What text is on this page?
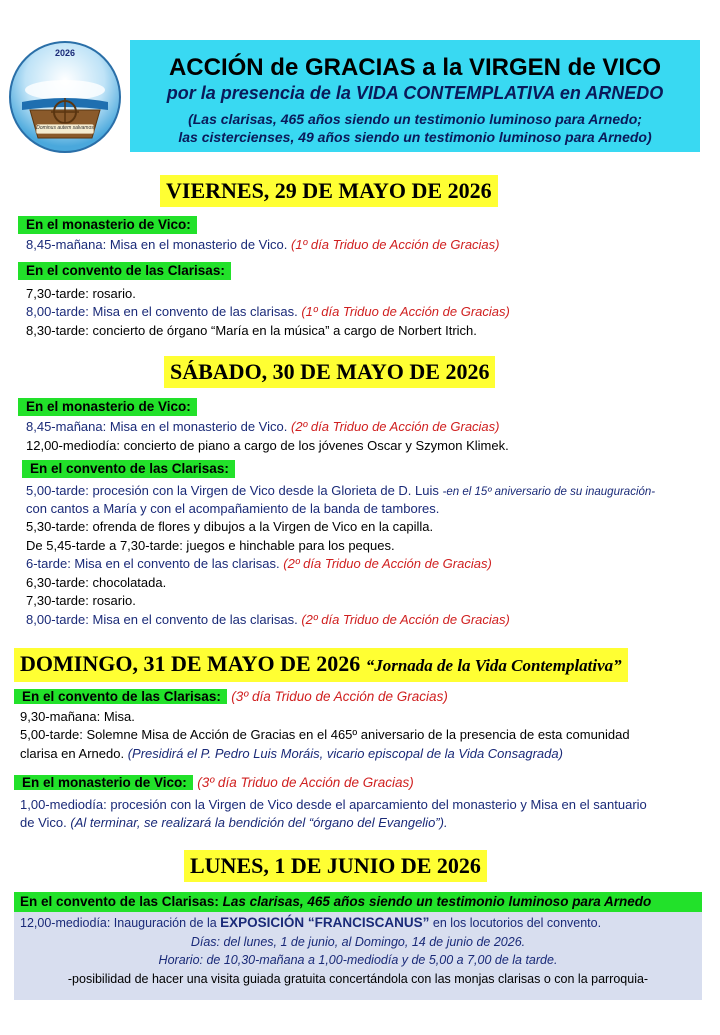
2026
Dominus autem salvamos
ACCIÓN de GRACIAS a la VIRGEN de VICO
por la presencia de la VIDA CONTEMPLATIVA en ARNEDO
(Las clarisas, 465 años siendo un testimonio luminoso para Arnedo;
las cistercienses, 49 años siendo un testimonio luminoso para Arnedo)
VIERNES, 29 DE MAYO DE 2026
En el monasterio de Vico:
8,45-mañana: Misa en el monasterio de Vico. (1º día Triduo de Acción de Gracias)
En el convento de las Clarisas:
7,30-tarde: rosario.
8,00-tarde: Misa en el convento de las clarisas. (1º día Triduo de Acción de Gracias)
8,30-tarde: concierto de órgano “María en la música” a cargo de Norbert Itrich.
SÁBADO, 30 DE MAYO DE 2026
En el monasterio de Vico:
8,45-mañana: Misa en el monasterio de Vico. (2º día Triduo de Acción de Gracias)
12,00-mediodía: concierto de piano a cargo de los jóvenes Oscar y Szymon Klimek.
En el convento de las Clarisas:
5,00-tarde: procesión con la Virgen de Vico desde la Glorieta de D. Luis -en el 15º aniversario de su inauguración-
con cantos a María y con el acompañamiento de la banda de tambores.
5,30-tarde: ofrenda de flores y dibujos a la Virgen de Vico en la capilla.
De 5,45-tarde a 7,30-tarde: juegos e hinchable para los peques.
6-tarde: Misa en el convento de las clarisas. (2º día Triduo de Acción de Gracias)
6,30-tarde: chocolatada.
7,30-tarde: rosario.
8,00-tarde: Misa en el convento de las clarisas. (2º día Triduo de Acción de Gracias)
DOMINGO, 31 DE MAYO DE 2026 “Jornada de la Vida Contemplativa”
En el convento de las Clarisas: (3º día Triduo de Acción de Gracias)
9,30-mañana: Misa.
5,00-tarde: Solemne Misa de Acción de Gracias en el 465º aniversario de la presencia de esta comunidad
clarisa en Arnedo. (Presidirá el P. Pedro Luis Moráis, vicario episcopal de la Vida Consagrada)
En el monasterio de Vico: (3º día Triduo de Acción de Gracias)
1,00-mediodía: procesión con la Virgen de Vico desde el aparcamiento del monasterio y Misa en el santuario
de Vico. (Al terminar, se realizará la bendición del “órgano del Evangelio”).
LUNES, 1 DE JUNIO DE 2026
En el convento de las Clarisas: Las clarisas, 465 años siendo un testimonio luminoso para Arnedo
12,00-mediodía: Inauguración de la EXPOSICIÓN “FRANCISCANUS” en los locutorios del convento.
Días: del lunes, 1 de junio, al Domingo, 14 de junio de 2026.
Horario: de 10,30-mañana a 1,00-mediodía y de 5,00 a 7,00 de la tarde.
-posibilidad de hacer una visita guiada gratuita concertándola con las monjas clarisas o con la parroquia-
